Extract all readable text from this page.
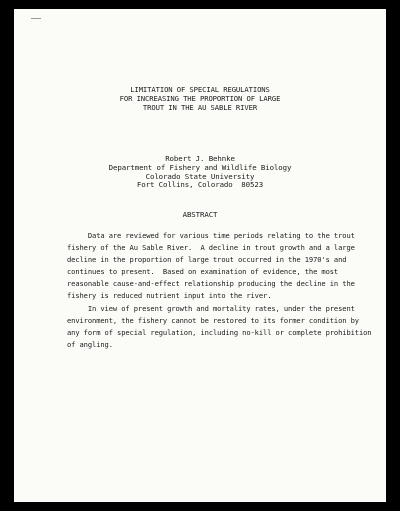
LIMITATION OF SPECIAL REGULATIONS
FOR INCREASING THE PROPORTION OF LARGE
TROUT IN THE AU SABLE RIVER
Robert J. Behnke
Department of Fishery and Wildlife Biology
Colorado State University
Fort Collins, Colorado  80523
ABSTRACT
Data are reviewed for various time periods relating to the trout
fishery of the Au Sable River.  A decline in trout growth and a large
decline in the proportion of large trout occurred in the 1970's and
continues to present.  Based on examination of evidence, the most
reasonable cause-and-effect relationship producing the decline in the
fishery is reduced nutrient input into the river.
In view of present growth and mortality rates, under the present
environment, the fishery cannot be restored to its former condition by
any form of special regulation, including no-kill or complete prohibition
of angling.
